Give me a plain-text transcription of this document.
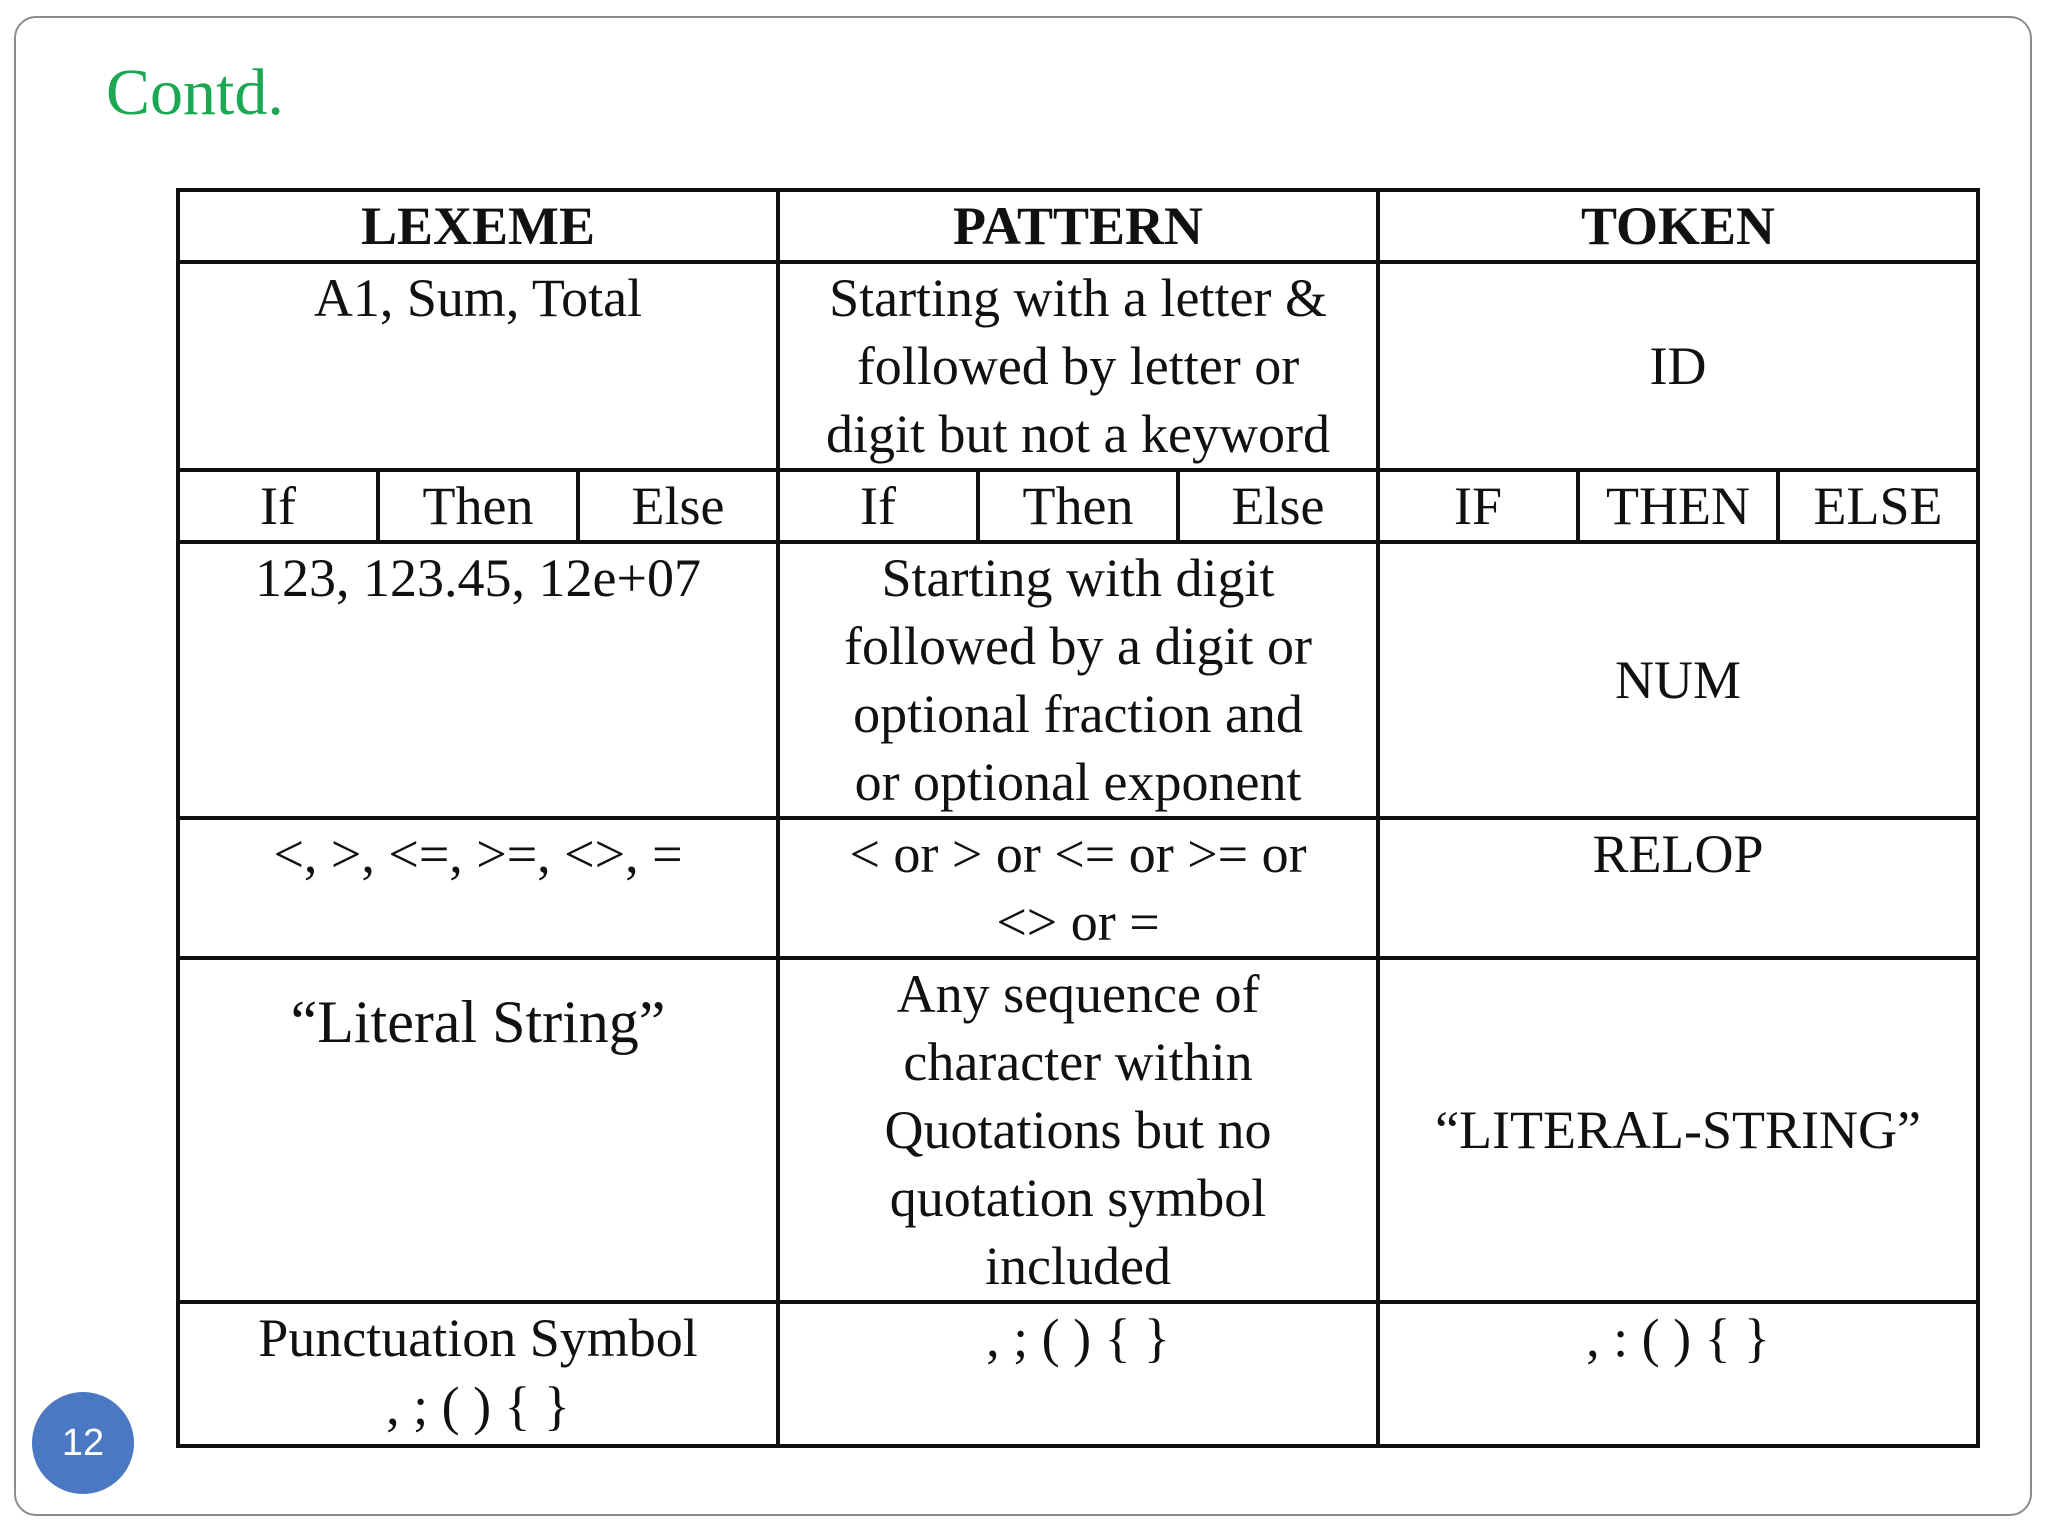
Contd.
LEXEME			PATTERN			TOKEN		

A1, Sum, Total			Starting with a letter &
followed by letter or
digit but not a keyword			ID		
If	Then	Else	If	Then	Else	IF	THEN	ELSE

123, 123.45, 12e+07			Starting with digit
followed by a digit or
optional fraction and
or optional exponent			NUM		

<, >, <=, >=, <>, =			< or > or <= or >= or
<> or =			RELOP		

“Literal String”			Any sequence of
character within
Quotations but no
quotation symbol
included			“LITERAL-STRING”		

Punctuation Symbol
, ; ( ) { }			, ; ( ) { }			, : ( ) { }		
12
